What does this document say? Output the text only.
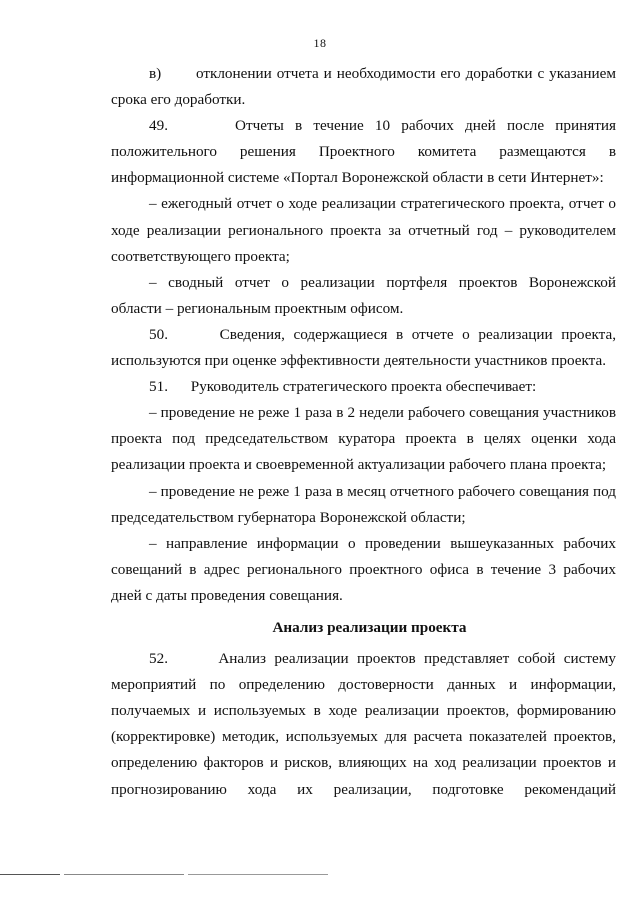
18

в)       отклонении отчета и необходимости его доработки с указанием срока его доработки.

49.      Отчеты в течение 10 рабочих дней после принятия положительного решения Проектного комитета размещаются в информационной системе «Портал Воронежской области в сети Интернет»:

– ежегодный отчет о ходе реализации стратегического проекта, отчет о ходе реализации регионального проекта за отчетный год – руководителем соответствующего проекта;

– сводный отчет о реализации портфеля проектов Воронежской области – региональным проектным офисом.

50.      Сведения, содержащиеся в отчете о реализации проекта, используются при оценке эффективности деятельности участников проекта.

51.      Руководитель стратегического проекта обеспечивает:

– проведение не реже 1 раза в 2 недели рабочего совещания участников проекта под председательством куратора проекта в целях оценки хода реализации проекта и своевременной актуализации рабочего плана проекта;

– проведение не реже 1 раза в месяц отчетного рабочего совещания под председательством губернатора Воронежской области;

– направление информации о проведении вышеуказанных рабочих совещаний в адрес регионального проектного офиса в течение 3 рабочих дней с даты проведения совещания.

Анализ реализации проекта

52.      Анализ реализации проектов представляет собой систему мероприятий по определению достоверности данных и информации, получаемых и используемых в ходе реализации проектов, формированию (корректировке) методик, используемых для расчета показателей проектов, определению факторов и рисков, влияющих на ход реализации проектов и прогнозированию хода их реализации, подготовке рекомендаций
